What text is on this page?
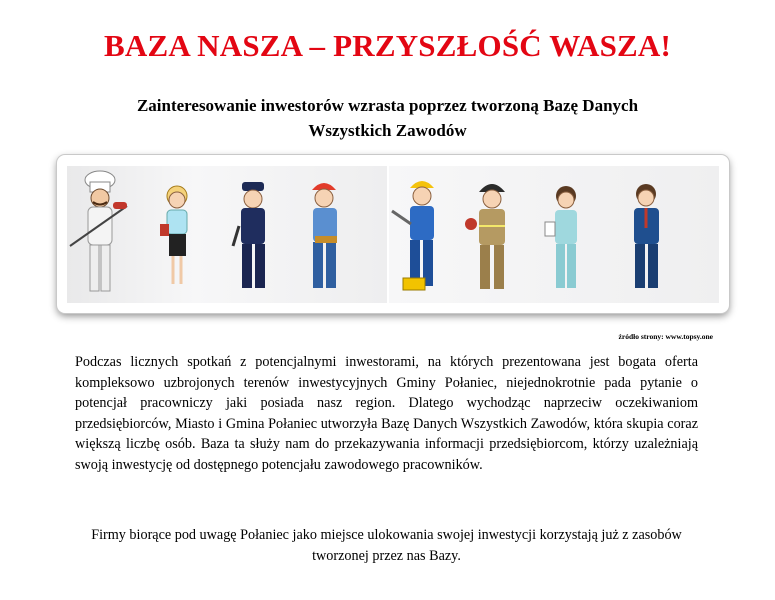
BAZA NASZA – PRZYSZŁOŚĆ WASZA!
Zainteresowanie inwestorów wzrasta poprzez tworzoną Bazę Danych Wszystkich Zawodów
źródło strony: www.topsy.one
Podczas licznych spotkań z potencjalnymi inwestorami, na których prezentowana jest bogata oferta kompleksowo uzbrojonych terenów inwestycyjnych Gminy Połaniec, niejednokrotnie pada pytanie o potencjał pracowniczy jaki posiada nasz region. Dlatego wychodząc naprzeciw oczekiwaniom przedsiębiorców, Miasto i Gmina Połaniec utworzyła Bazę Danych Wszystkich Zawodów, która skupia coraz większą liczbę osób. Baza ta służy nam do przekazywania informacji przedsiębiorcom, którzy uzależniają swoją inwestycję od dostępnego potencjału zawodowego pracowników.
Firmy biorące pod uwagę Połaniec jako miejsce ulokowania swojej inwestycji korzystają już z zasobów tworzonej przez nas Bazy.
